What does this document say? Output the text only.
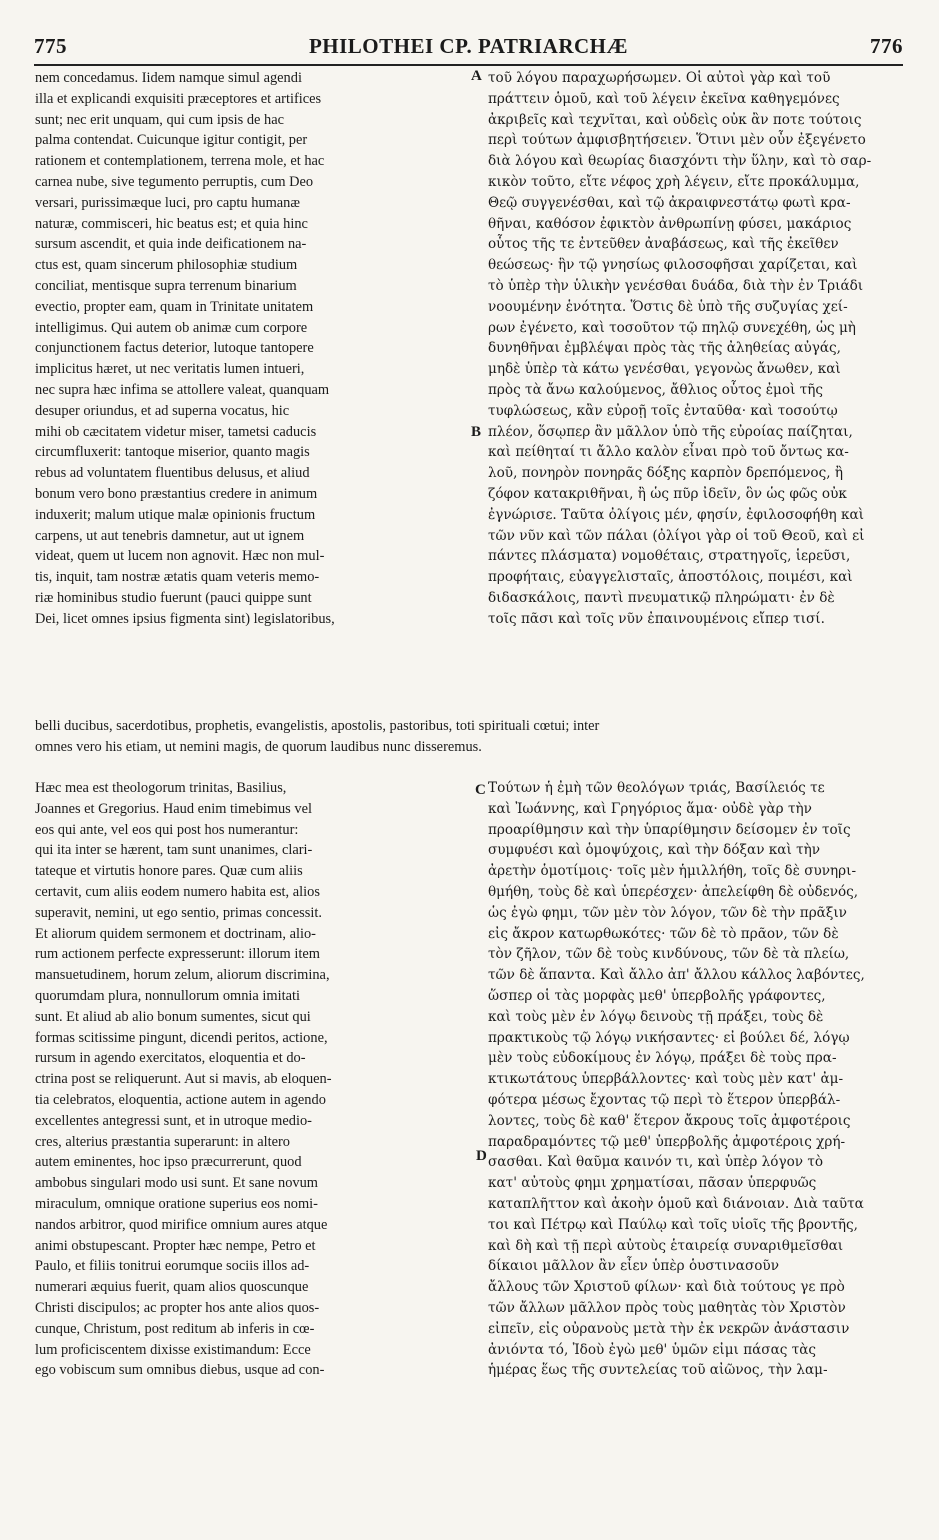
775	PHILOTHEI CP. PATRIARCHÆ	776

nem concedamus. Iidem namque simul agendi

illa et explicandi exquisiti præceptores et artifices

sunt; nec erit unquam, qui cum ipsis de hac

palma contendat. Cuicunque igitur contigit, per

rationem et contemplationem, terrena mole, et hac

carnea nube, sive tegumento perruptis, cum Deo

versari, purissimæque luci, pro captu humanæ

naturæ, commisceri, hic beatus est; et quia hinc

sursum ascendit, et quia inde deificationem na-

ctus est, quam sincerum philosophiæ studium

conciliat, mentisque supra terrenum binarium

evectio, propter eam, quam in Trinitate unitatem

intelligimus. Qui autem ob animæ cum corpore

conjunctionem factus deterior, lutoque tantopere

implicitus hæret, ut nec veritatis lumen intueri,

nec supra hæc infima se attollere valeat, quanquam

desuper oriundus, et ad superna vocatus, hic

mihi ob cæcitatem videtur miser, tametsi caducis

circumfluxerit: tantoque miserior, quanto magis

rebus ad voluntatem fluentibus delusus, et aliud

bonum vero bono præstantius credere in animum

induxerit; malum utique malæ opinionis fructum

carpens, ut aut tenebris damnetur, aut ut ignem

videat, quem ut lucem non agnovit. Hæc non mul-

tis, inquit, tam nostræ ætatis quam veteris memo-

riæ hominibus studio fuerunt (pauci quippe sunt

Dei, licet omnes ipsius figmenta sint) legislatoribus,

τοῦ λόγου παραχωρήσωμεν. Οἱ αὐτοὶ γὰρ καὶ τοῦ

πράττειν ὁμοῦ, καὶ τοῦ λέγειν ἐκεῖνα καθηγεμόνες

ἀκριβεῖς καὶ τεχνῖται, καὶ οὐδεὶς οὐκ ἂν ποτε τούτοις

περὶ τούτων ἀμφισβητήσειεν. Ὅτινι μὲν οὖν ἐξεγένετο

διὰ λόγου καὶ θεωρίας διασχόντι τὴν ὕλην, καὶ τὸ σαρ-

κικὸν τοῦτο, εἴτε νέφος χρὴ λέγειν, εἴτε προκάλυμμα,

Θεῷ συγγενέσθαι, καὶ τῷ ἀκραιφνεστάτῳ φωτὶ κρα-

θῆναι, καθόσον ἐφικτὸν ἀνθρωπίνῃ φύσει, μακάριος

οὗτος τῆς τε ἐντεῦθεν ἀναβάσεως, καὶ τῆς ἐκεῖθεν

θεώσεως· ἣν τῷ γνησίως φιλοσοφῆσαι χαρίζεται, καὶ

τὸ ὑπὲρ τὴν ὑλικὴν γενέσθαι δυάδα, διὰ τὴν ἐν Τριάδι

νοουμένην ἑνότητα. Ὅστις δὲ ὑπὸ τῆς συζυγίας χεί-

ρων ἐγένετο, καὶ τοσοῦτον τῷ πηλῷ συνεχέθη, ὡς μὴ

δυνηθῆναι ἐμβλέψαι πρὸς τὰς τῆς ἀληθείας αὐγάς,

μηδὲ ὑπὲρ τὰ κάτω γενέσθαι, γεγονὼς ἄνωθεν, καὶ

πρὸς τὰ ἄνω καλούμενος, ἄθλιος οὗτος ἐμοὶ τῆς

τυφλώσεως, κἂν εὐροῇ τοῖς ἐνταῦθα· καὶ τοσούτῳ

πλέον, ὅσῳπερ ἂν μᾶλλον ὑπὸ τῆς εὐροίας παίζηται,

καὶ πείθηταί τι ἄλλο καλὸν εἶναι πρὸ τοῦ ὄντως κα-

λοῦ, πονηρὸν πονηρᾶς δόξης καρπὸν δρεπόμενος, ἢ

ζόφον κατακριθῆναι, ἢ ὡς πῦρ ἰδεῖν, ὃν ὡς φῶς οὐκ

ἐγνώρισε. Ταῦτα ὀλίγοις μέν, φησίν, ἐφιλοσοφήθη καὶ

τῶν νῦν καὶ τῶν πάλαι (ὀλίγοι γὰρ οἱ τοῦ Θεοῦ, καὶ εἰ

πάντες πλάσματα) νομοθέταις, στρατηγοῖς, ἱερεῦσι,

προφήταις, εὐαγγελισταῖς, ἀποστόλοις, ποιμέσι, καὶ

διδασκάλοις, παντὶ πνευματικῷ πληρώματι· ἐν δὲ

τοῖς πᾶσι καὶ τοῖς νῦν ἐπαινουμένοις εἴπερ τισί.

belli ducibus, sacerdotibus, prophetis, evangelistis, apostolis, pastoribus, toti spirituali cœtui; inter

omnes vero his etiam, ut nemini magis, de quorum laudibus nunc disseremus.

Hæc mea est theologorum trinitas, Basilius,

Joannes et Gregorius. Haud enim timebimus vel

eos qui ante, vel eos qui post hos numerantur:

qui ita inter se hærent, tam sunt unanimes, clari-

tateque et virtutis honore pares. Quæ cum aliis

certavit, cum aliis eodem numero habita est, alios

superavit, nemini, ut ego sentio, primas concessit.

Et aliorum quidem sermonem et doctrinam, alio-

rum actionem perfecte expresserunt: illorum item

mansuetudinem, horum zelum, aliorum discrimina,

quorumdam plura, nonnullorum omnia imitati

sunt. Et aliud ab alio bonum sumentes, sicut qui

formas scitissime pingunt, dicendi peritos, actione,

rursum in agendo exercitatos, eloquentia et do-

ctrina post se reliquerunt. Aut si mavis, ab eloquen-

tia celebratos, eloquentia, actione autem in agendo

excellentes antegressi sunt, et in utroque medio-

cres, alterius præstantia superarunt: in altero

autem eminentes, hoc ipso præcurrerunt, quod

ambobus singulari modo usi sunt. Et sane novum

miraculum, omnique oratione superius eos nomi-

nandos arbitror, quod mirifice omnium aures atque

animi obstupescant. Propter hæc nempe, Petro et

Paulo, et filiis tonitrui eorumque sociis illos ad-

numerari æquius fuerit, quam alios quoscunque

Christi discipulos; ac propter hos ante alios quos-

cunque, Christum, post reditum ab inferis in cœ-

lum proficiscentem dixisse existimandum: Ecce

ego vobiscum sum omnibus diebus, usque ad con-

Τούτων ἡ ἐμὴ τῶν θεολόγων τριάς, Βασίλειός τε

καὶ Ἰωάννης, καὶ Γρηγόριος ἅμα· οὐδὲ γὰρ τὴν

προαρίθμησιν καὶ τὴν ὑπαρίθμησιν δείσομεν ἐν τοῖς

συμφυέσι καὶ ὁμοψύχοις, καὶ τὴν δόξαν καὶ τὴν

ἀρετὴν ὁμοτίμοις· τοῖς μὲν ἡμιλλήθη, τοῖς δὲ συνηρι-

θμήθη, τοὺς δὲ καὶ ὑπερέσχεν· ἀπελείφθη δὲ οὐδενός,

ὡς ἐγὼ φημι, τῶν μὲν τὸν λόγον, τῶν δὲ τὴν πρᾶξιν

εἰς ἄκρον κατωρθωκότες· τῶν δὲ τὸ πρᾶον, τῶν δὲ

τὸν ζῆλον, τῶν δὲ τοὺς κινδύνους, τῶν δὲ τὰ πλείω,

τῶν δὲ ἅπαντα. Καὶ ἄλλο ἀπ' ἄλλου κάλλος λαβόντες,

ὥσπερ οἱ τὰς μορφὰς μεθ' ὑπερβολῆς γράφοντες,

καὶ τοὺς μὲν ἐν λόγῳ δεινοὺς τῇ πράξει, τοὺς δὲ

πρακτικοὺς τῷ λόγῳ νικήσαντες· εἰ βούλει δέ, λόγῳ

μὲν τοὺς εὐδοκίμους ἐν λόγῳ, πράξει δὲ τοὺς πρα-

κτικωτάτους ὑπερβάλλοντες· καὶ τοὺς μὲν κατ' ἀμ-

φότερα μέσως ἔχοντας τῷ περὶ τὸ ἕτερον ὑπερβάλ-

λοντες, τοὺς δὲ καθ' ἕτερον ἄκρους τοῖς ἀμφοτέροις

παραδραμόντες τῷ μεθ' ὑπερβολῆς ἀμφοτέροις χρή-

σασθαι. Καὶ θαῦμα καινόν τι, καὶ ὑπὲρ λόγον τὸ

κατ' αὐτοὺς φημι χρηματίσαι, πᾶσαν ὑπερφυῶς

καταπλῆττον καὶ ἀκοὴν ὁμοῦ καὶ διάνοιαν. Διὰ ταῦτα

τοι καὶ Πέτρῳ καὶ Παύλῳ καὶ τοῖς υἱοῖς τῆς βροντῆς,

καὶ δὴ καὶ τῇ περὶ αὐτοὺς ἑταιρείᾳ συναριθμεῖσθαι

δίκαιοι μᾶλλον ἂν εἶεν ὑπὲρ ὁυστινασοῦν

ἄλλους τῶν Χριστοῦ φίλων· καὶ διὰ τούτους γε πρὸ

τῶν ἄλλων μᾶλλον πρὸς τοὺς μαθητὰς τὸν Χριστὸν

εἰπεῖν, εἰς οὐρανοὺς μετὰ τὴν ἐκ νεκρῶν ἀνάστασιν

ἀνιόντα τό, Ἰδοὺ ἐγὼ μεθ' ὑμῶν εἰμι πάσας τὰς

ἡμέρας ἕως τῆς συντελείας τοῦ αἰῶνος, τὴν λαμ-

A
B
C
D
